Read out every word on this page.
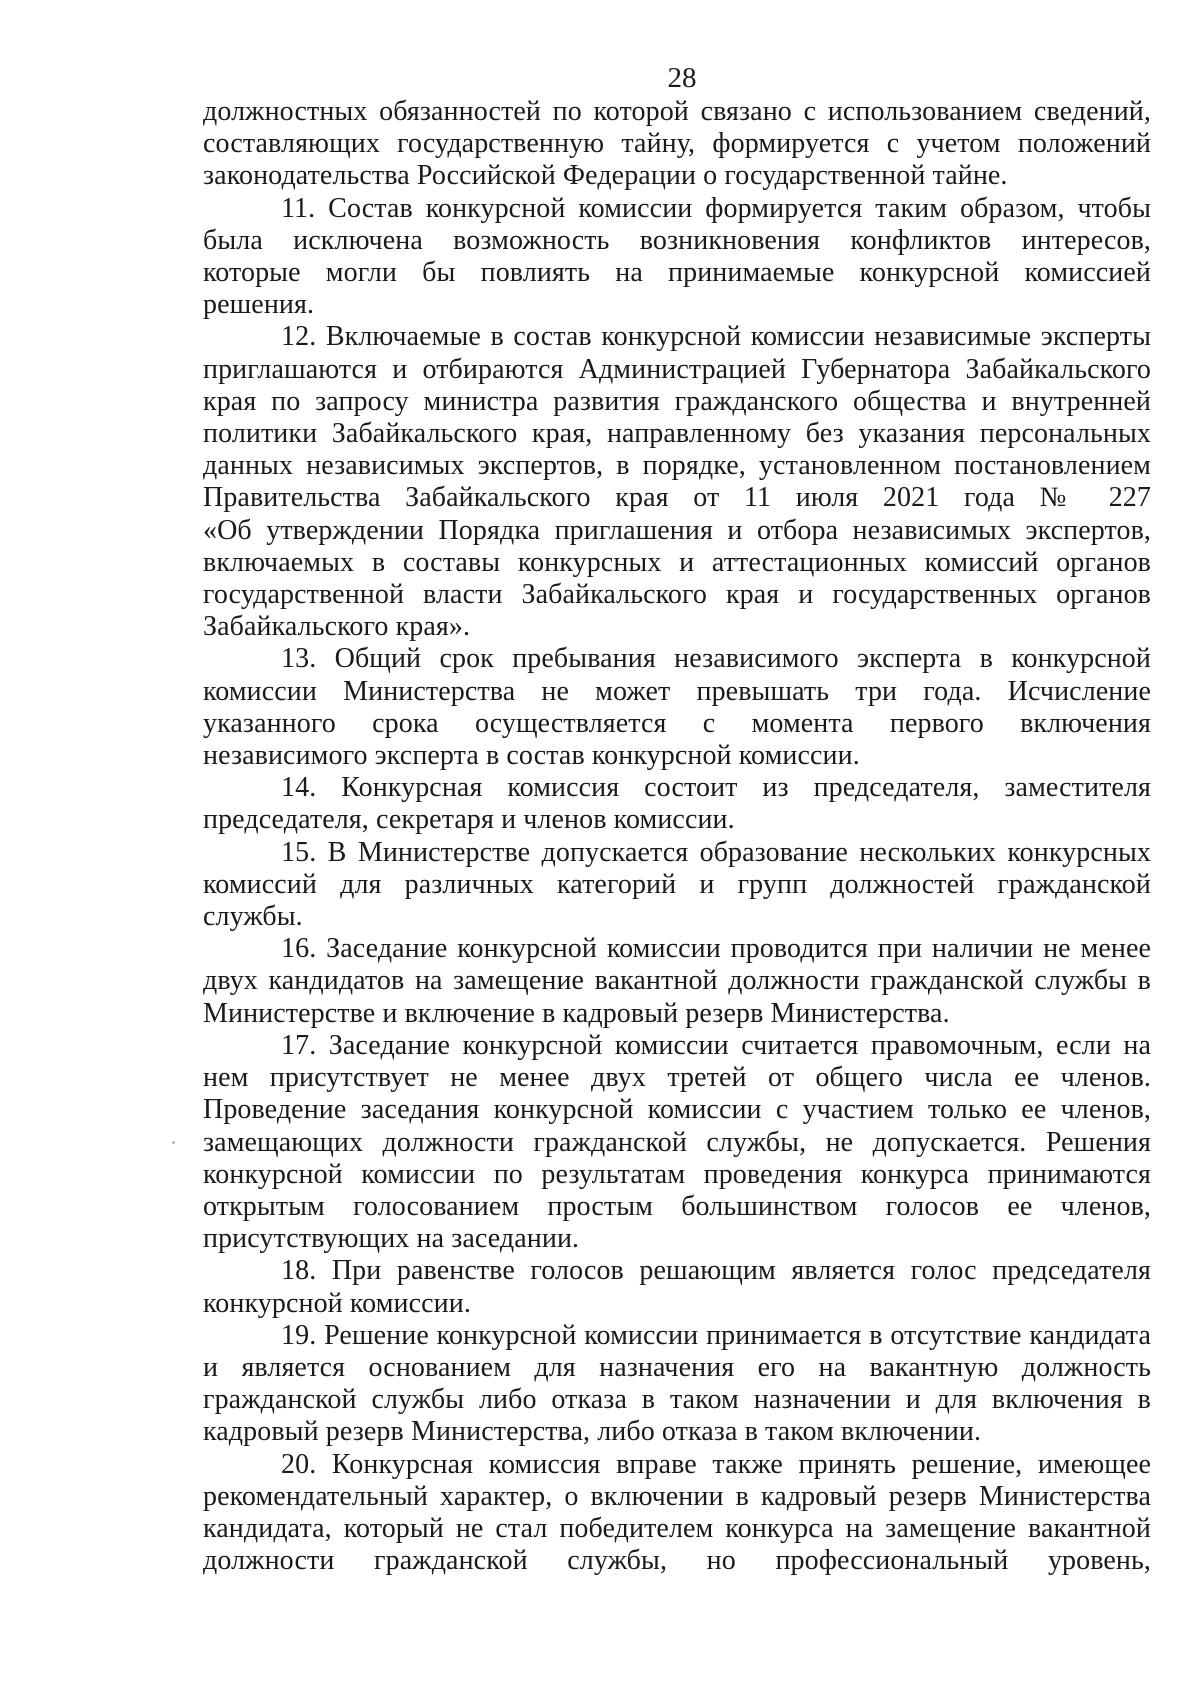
28

должностных обязанностей по которой связано с использованием сведений,
составляющих государственную тайну, формируется с учетом положений
законодательства Российской Федерации о государственной тайне.

11. Состав конкурсной комиссии формируется таким образом, чтобы
была исключена возможность возникновения конфликтов интересов,
которые могли бы повлиять на принимаемые конкурсной комиссией
решения.

12. Включаемые в состав конкурсной комиссии независимые эксперты
приглашаются и отбираются Администрацией Губернатора Забайкальского
края по запросу министра развития гражданского общества и внутренней
политики Забайкальского края, направленному без указания персональных
данных независимых экспертов, в порядке, установленном постановлением
Правительства Забайкальского края от 11 июля 2021 года № 227
«Об утверждении Порядка приглашения и отбора независимых экспертов,
включаемых в составы конкурсных и аттестационных комиссий органов
государственной власти Забайкальского края и государственных органов
Забайкальского края».

13. Общий срок пребывания независимого эксперта в конкурсной
комиссии Министерства не может превышать три года. Исчисление
указанного срока осуществляется с момента первого включения
независимого эксперта в состав конкурсной комиссии.

14. Конкурсная комиссия состоит из председателя, заместителя
председателя, секретаря и членов комиссии.

15. В Министерстве допускается образование нескольких конкурсных
комиссий для различных категорий и групп должностей гражданской
службы.

16. Заседание конкурсной комиссии проводится при наличии не менее
двух кандидатов на замещение вакантной должности гражданской службы в
Министерстве и включение в кадровый резерв Министерства.

17. Заседание конкурсной комиссии считается правомочным, если на
нем присутствует не менее двух третей от общего числа ее членов.
Проведение заседания конкурсной комиссии с участием только ее членов,
замещающих должности гражданской службы, не допускается. Решения
конкурсной комиссии по результатам проведения конкурса принимаются
открытым голосованием простым большинством голосов ее членов,
присутствующих на заседании.

18. При равенстве голосов решающим является голос председателя
конкурсной комиссии.

19. Решение конкурсной комиссии принимается в отсутствие кандидата
и является основанием для назначения его на вакантную должность
гражданской службы либо отказа в таком назначении и для включения в
кадровый резерв Министерства, либо отказа в таком включении.

20. Конкурсная комиссия вправе также принять решение, имеющее
рекомендательный характер, о включении в кадровый резерв Министерства
кандидата, который не стал победителем конкурса на замещение вакантной
должности гражданской службы, но профессиональный уровень,
